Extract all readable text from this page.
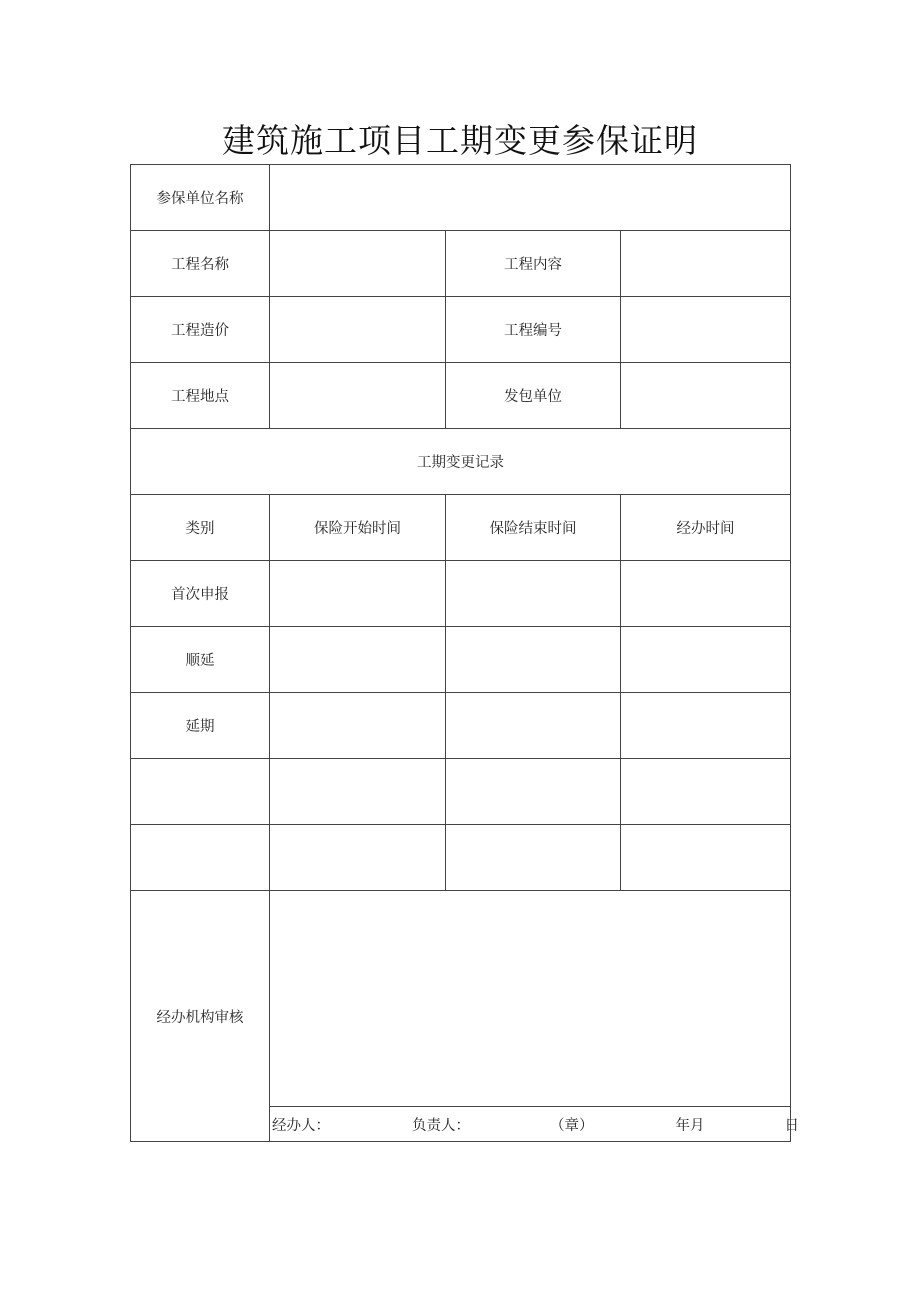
建筑施工项目工期变更参保证明
参保单位名称			
工程名称		工程内容	
工程造价		工程编号	
工程地点		发包单位	
工期变更记录			
类别	保险开始时间	保险结束时间	经办时间
首次申报			
顺延			
延期			

经办机构审核			

	经办人： 负责人： （章） 年月 日		
